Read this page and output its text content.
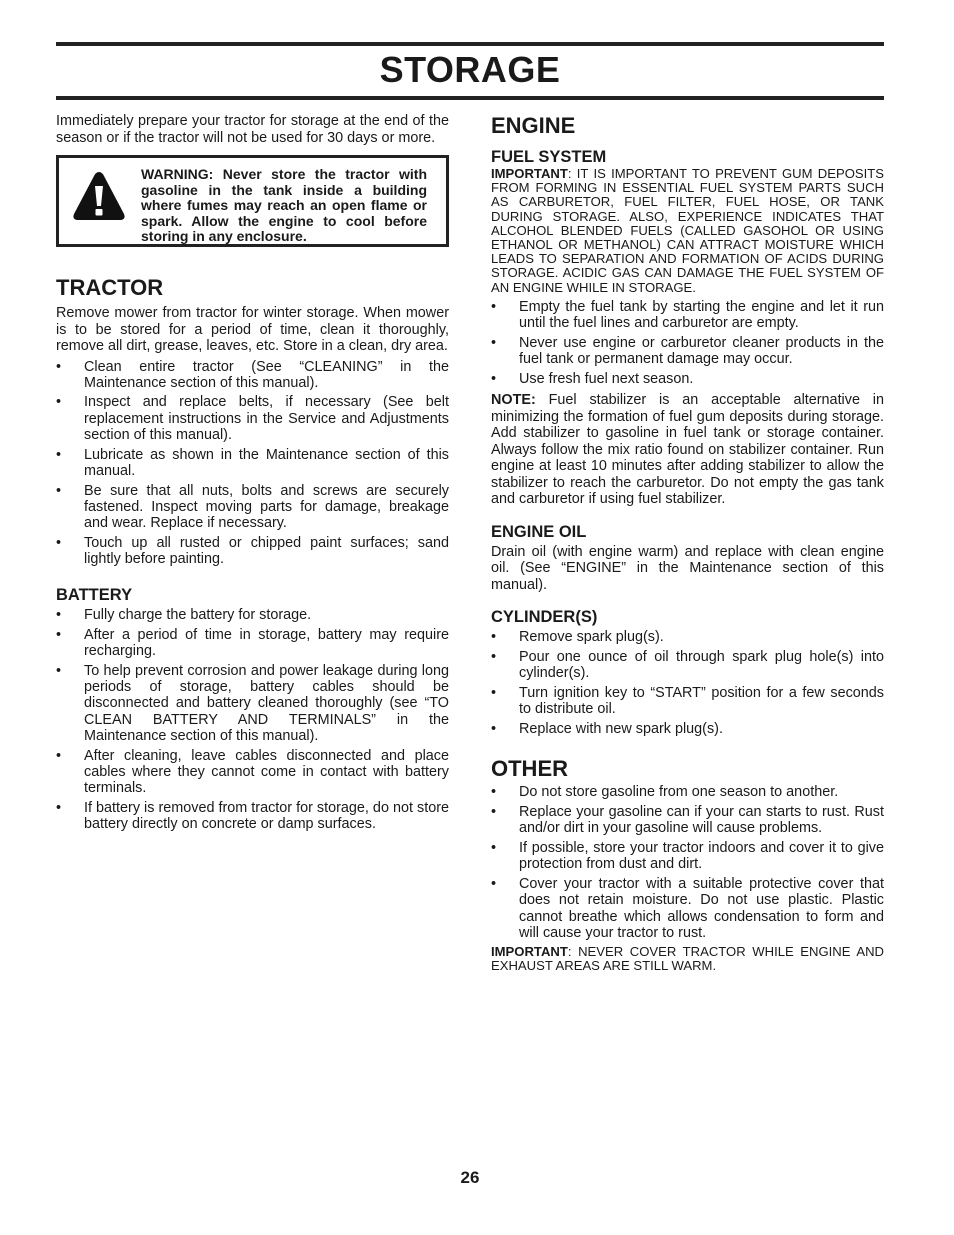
STORAGE

Immediately prepare your tractor for storage at the end of the season or if the tractor will not be used for 30 days or more.

WARNING: Never store the tractor with gasoline in the tank inside a building where fumes may reach an open flame or spark. Allow the engine to cool before storing in any enclosure.

TRACTOR

Remove mower from tractor for winter storage. When mower is to be stored for a period of time, clean it thoroughly, remove all dirt, grease, leaves, etc. Store in a clean, dry area.

• Clean entire tractor (See “CLEANING” in the Maintenance section of this manual).
• Inspect and replace belts, if necessary (See belt replacement instructions in the Service and Adjustments section of this manual).
• Lubricate as shown in the Maintenance section of this manual.
• Be sure that all nuts, bolts and screws are securely fastened. Inspect moving parts for damage, breakage and wear. Replace if necessary.
• Touch up all rusted or chipped paint surfaces; sand lightly before painting.
BATTERY
• Fully charge the battery for storage.
• After a period of time in storage, battery may require recharging.
• To help prevent corrosion and power leakage during long periods of storage, battery cables should be disconnected and battery cleaned thoroughly (see “TO CLEAN BATTERY AND TERMINALS” in the Maintenance section of this manual).
• After cleaning, leave cables disconnected and place cables where they cannot come in contact with battery terminals.
• If battery is removed from tractor for storage, do not store battery directly on concrete or damp surfaces.
ENGINE
FUEL SYSTEM

IMPORTANT: IT IS IMPORTANT TO PREVENT GUM DEPOSITS FROM FORMING IN ESSENTIAL FUEL SYSTEM PARTS SUCH AS CARBURETOR, FUEL FILTER, FUEL HOSE, OR TANK DURING STORAGE. ALSO, EXPERIENCE INDICATES THAT ALCOHOL BLENDED FUELS (CALLED GASOHOL OR USING ETHANOL OR METHANOL) CAN ATTRACT MOISTURE WHICH LEADS TO SEPARATION AND FORMATION OF ACIDS DURING STORAGE. ACIDIC GAS CAN DAMAGE THE FUEL SYSTEM OF AN ENGINE WHILE IN STORAGE.

• Empty the fuel tank by starting the engine and let it run until the fuel lines and carburetor are empty.
• Never use engine or carburetor cleaner products in the fuel tank or permanent damage may occur.
• Use fresh fuel next season.

NOTE: Fuel stabilizer is an acceptable alternative in minimizing the formation of fuel gum deposits during storage. Add stabilizer to gasoline in fuel tank or storage container. Always follow the mix ratio found on stabilizer container. Run engine at least 10 minutes after adding stabilizer to allow the stabilizer to reach the carburetor. Do not empty the gas tank and carburetor if using fuel stabilizer.

ENGINE OIL

Drain oil (with engine warm) and replace with clean engine oil. (See “ENGINE” in the Maintenance section of this manual).

CYLINDER(S)
• Remove spark plug(s).
• Pour one ounce of oil through spark plug hole(s) into cylinder(s).
• Turn ignition key to “START” position for a few seconds to distribute oil.
• Replace with new spark plug(s).
OTHER
• Do not store gasoline from one season to another.
• Replace your gasoline can if your can starts to rust. Rust and/or dirt in your gasoline will cause problems.
• If possible, store your tractor indoors and cover it to give protection from dust and dirt.
• Cover your tractor with a suitable protective cover that does not retain moisture. Do not use plastic. Plastic cannot breathe which allows condensation to form and will cause your tractor to rust.

IMPORTANT: NEVER COVER TRACTOR WHILE ENGINE AND EXHAUST AREAS ARE STILL WARM.

26
